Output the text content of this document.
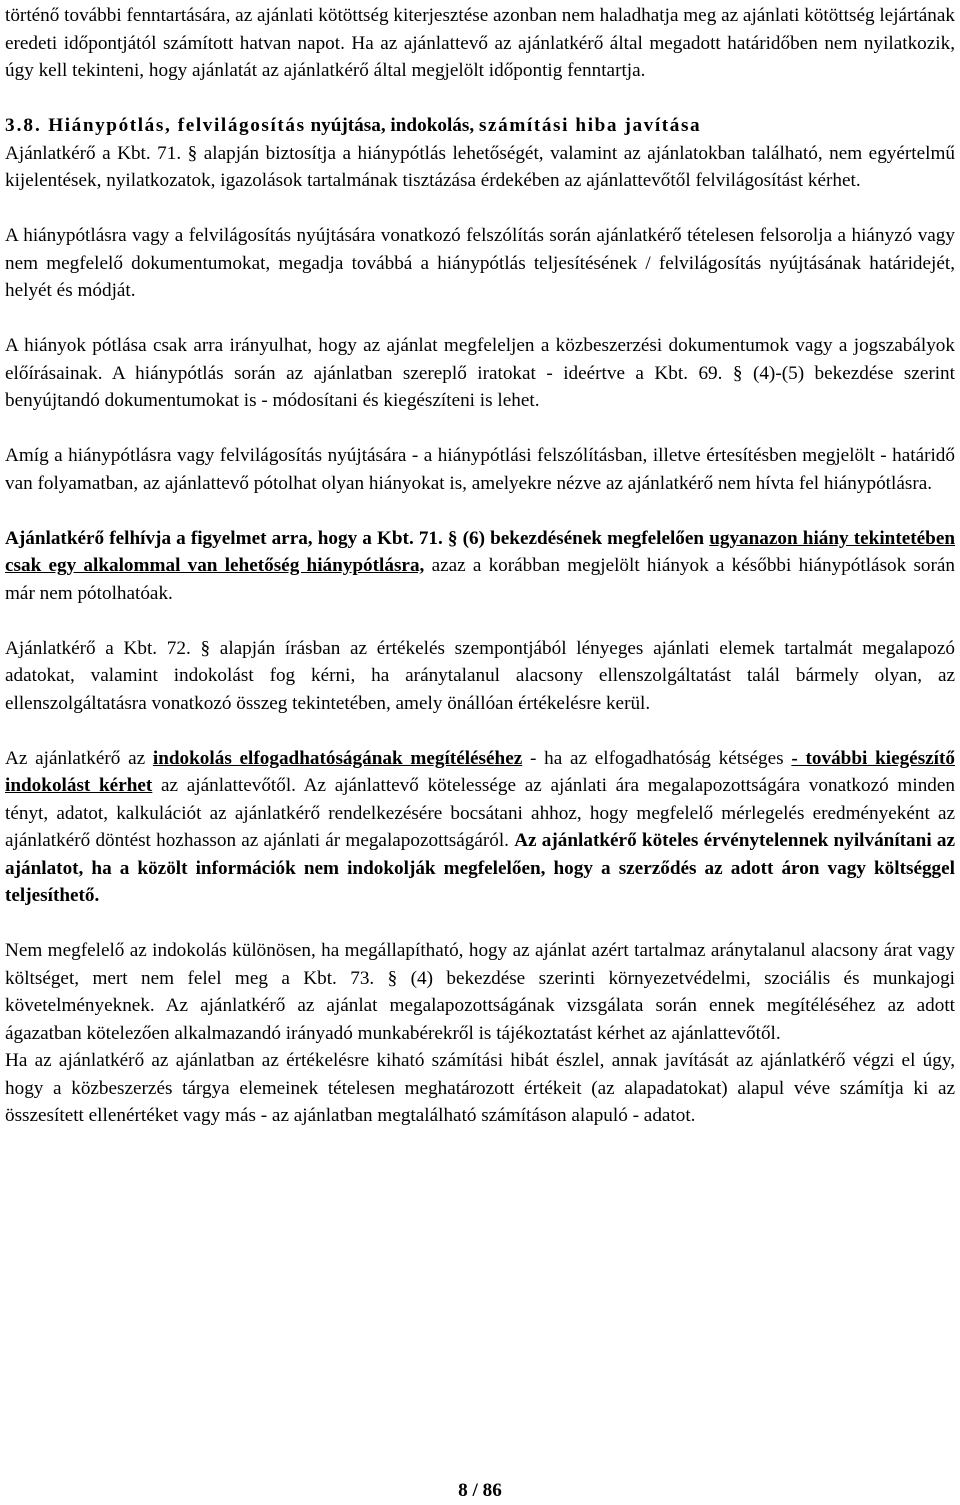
történő további fenntartására, az ajánlati kötöttség kiterjesztése azonban nem haladhatja meg az ajánlati kötöttség lejártának eredeti időpontjától számított hatvan napot. Ha az ajánlattevő az ajánlatkérő által megadott határidőben nem nyilatkozik, úgy kell tekinteni, hogy ajánlatát az ajánlatkérő által megjelölt időpontig fenntartja.

3.8. Hiánypótlás, felvilágosítás nyújtása, indokolás, számítási hiba javítása

Ajánlatkérő a Kbt. 71. § alapján biztosítja a hiánypótlás lehetőségét, valamint az ajánlatokban található, nem egyértelmű kijelentések, nyilatkozatok, igazolások tartalmának tisztázása érdekében az ajánlattevőtől felvilágosítást kérhet.

A hiánypótlásra vagy a felvilágosítás nyújtására vonatkozó felszólítás során ajánlatkérő tételesen felsorolja a hiányzó vagy nem megfelelő dokumentumokat, megadja továbbá a hiánypótlás teljesítésének / felvilágosítás nyújtásának határidejét, helyét és módját.

A hiányok pótlása csak arra irányulhat, hogy az ajánlat megfeleljen a közbeszerzési dokumentumok vagy a jogszabályok előírásainak. A hiánypótlás során az ajánlatban szereplő iratokat - ideértve a Kbt. 69. § (4)-(5) bekezdése szerint benyújtandó dokumentumokat is - módosítani és kiegészíteni is lehet.

Amíg a hiánypótlásra vagy felvilágosítás nyújtására - a hiánypótlási felszólításban, illetve értesítésben megjelölt - határidő van folyamatban, az ajánlattevő pótolhat olyan hiányokat is, amelyekre nézve az ajánlatkérő nem hívta fel hiánypótlásra.

Ajánlatkérő felhívja a figyelmet arra, hogy a Kbt. 71. § (6) bekezdésének megfelelően ugyanazon hiány tekintetében csak egy alkalommal van lehetőség hiánypótlásra, azaz a korábban megjelölt hiányok a későbbi hiánypótlások során már nem pótolhatóak.

Ajánlatkérő a Kbt. 72. § alapján írásban az értékelés szempontjából lényeges ajánlati elemek tartalmát megalapozó adatokat, valamint indokolást fog kérni, ha aránytalanul alacsony ellenszolgáltatást talál bármely olyan, az ellenszolgáltatásra vonatkozó összeg tekintetében, amely önállóan értékelésre kerül.

Az ajánlatkérő az indokolás elfogadhatóságának megítéléséhez - ha az elfogadhatóság kétséges - további kiegészítő indokolást kérhet az ajánlattevőtől. Az ajánlattevő kötelessége az ajánlati ára megalapozottságára vonatkozó minden tényt, adatot, kalkulációt az ajánlatkérő rendelkezésére bocsátani ahhoz, hogy megfelelő mérlegelés eredményeként az ajánlatkérő döntést hozhasson az ajánlati ár megalapozottságáról. Az ajánlatkérő köteles érvénytelennek nyilvánítani az ajánlatot, ha a közölt információk nem indokolják megfelelően, hogy a szerződés az adott áron vagy költséggel teljesíthető.

Nem megfelelő az indokolás különösen, ha megállapítható, hogy az ajánlat azért tartalmaz aránytalanul alacsony árat vagy költséget, mert nem felel meg a Kbt. 73. § (4) bekezdése szerinti környezetvédelmi, szociális és munkajogi követelményeknek. Az ajánlatkérő az ajánlat megalapozottságának vizsgálata során ennek megítéléséhez az adott ágazatban kötelezően alkalmazandó irányadó munkabérekről is tájékoztatást kérhet az ajánlattevőtől.

Ha az ajánlatkérő az ajánlatban az értékelésre kiható számítási hibát észlel, annak javítását az ajánlatkérő végzi el úgy, hogy a közbeszerzés tárgya elemeinek tételesen meghatározott értékeit (az alapadatokat) alapul véve számítja ki az összesített ellenértéket vagy más - az ajánlatban megtalálható számításon alapuló - adatot.

8 / 86
